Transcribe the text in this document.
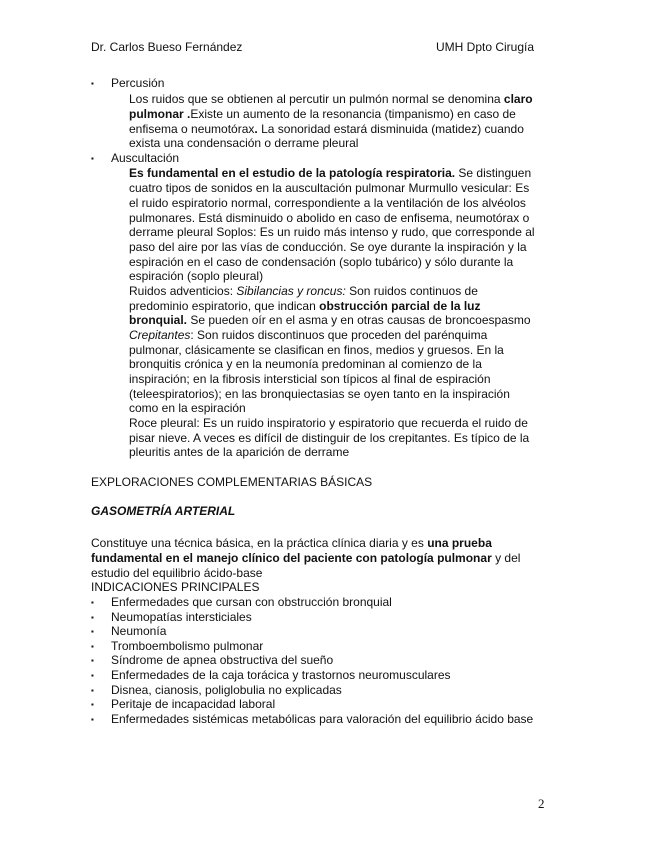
Dr. Carlos Bueso Fernández	UMH Dpto Cirugía
▪ Percusión
Los ruidos que se obtienen al percutir un pulmón normal se denomina claro
pulmonar .Existe un aumento de la resonancia (timpanismo) en caso de
enfisema o neumotórax. La sonoridad estará disminuida (matidez) cuando
exista una condensación o derrame pleural
▪ Auscultación
Es fundamental en el estudio de la patología respiratoria. Se distinguen
cuatro tipos de sonidos en la auscultación pulmonar Murmullo vesicular: Es
el ruido espiratorio normal, correspondiente a la ventilación de los alvéolos
pulmonares. Está disminuido o abolido en caso de enfisema, neumotórax o
derrame pleural Soplos: Es un ruido más intenso y rudo, que corresponde al
paso del aire por las vías de conducción. Se oye durante la inspiración y la
espiración en el caso de condensación (soplo tubárico) y sólo durante la
espiración (soplo pleural)
Ruidos adventicios: Sibilancias y roncus: Son ruidos continuos de
predominio espiratorio, que indican obstrucción parcial de la luz
bronquial. Se pueden oír en el asma y en otras causas de broncoespasmo
Crepitantes: Son ruidos discontinuos que proceden del parénquima
pulmonar, clásicamente se clasifican en finos, medios y gruesos. En la
bronquitis crónica y en la neumonía predominan al comienzo de la
inspiración; en la fibrosis intersticial son típicos al final de espiración
(teleespiratorios); en las bronquiectasias se oyen tanto en la inspiración
como en la espiración
Roce pleural: Es un ruido inspiratorio y espiratorio que recuerda el ruido de
pisar nieve. A veces es difícil de distinguir de los crepitantes. Es típico de la
pleuritis antes de la aparición de derrame
EXPLORACIONES COMPLEMENTARIAS BÁSICAS
GASOMETRÍA ARTERIAL
Constituye una técnica básica, en la práctica clínica diaria y es una prueba
fundamental en el manejo clínico del paciente con patología pulmonar y del
estudio del equilibrio ácido-base
INDICACIONES PRINCIPALES
▪ Enfermedades que cursan con obstrucción bronquial
▪ Neumopatías intersticiales
▪ Neumonía
▪ Tromboembolismo pulmonar
▪ Síndrome de apnea obstructiva del sueño
▪ Enfermedades de la caja torácica y trastornos neuromusculares
▪ Disnea, cianosis, poliglobulia no explicadas
▪ Peritaje de incapacidad laboral
▪ Enfermedades sistémicas metabólicas para valoración del equilibrio ácido base
2
